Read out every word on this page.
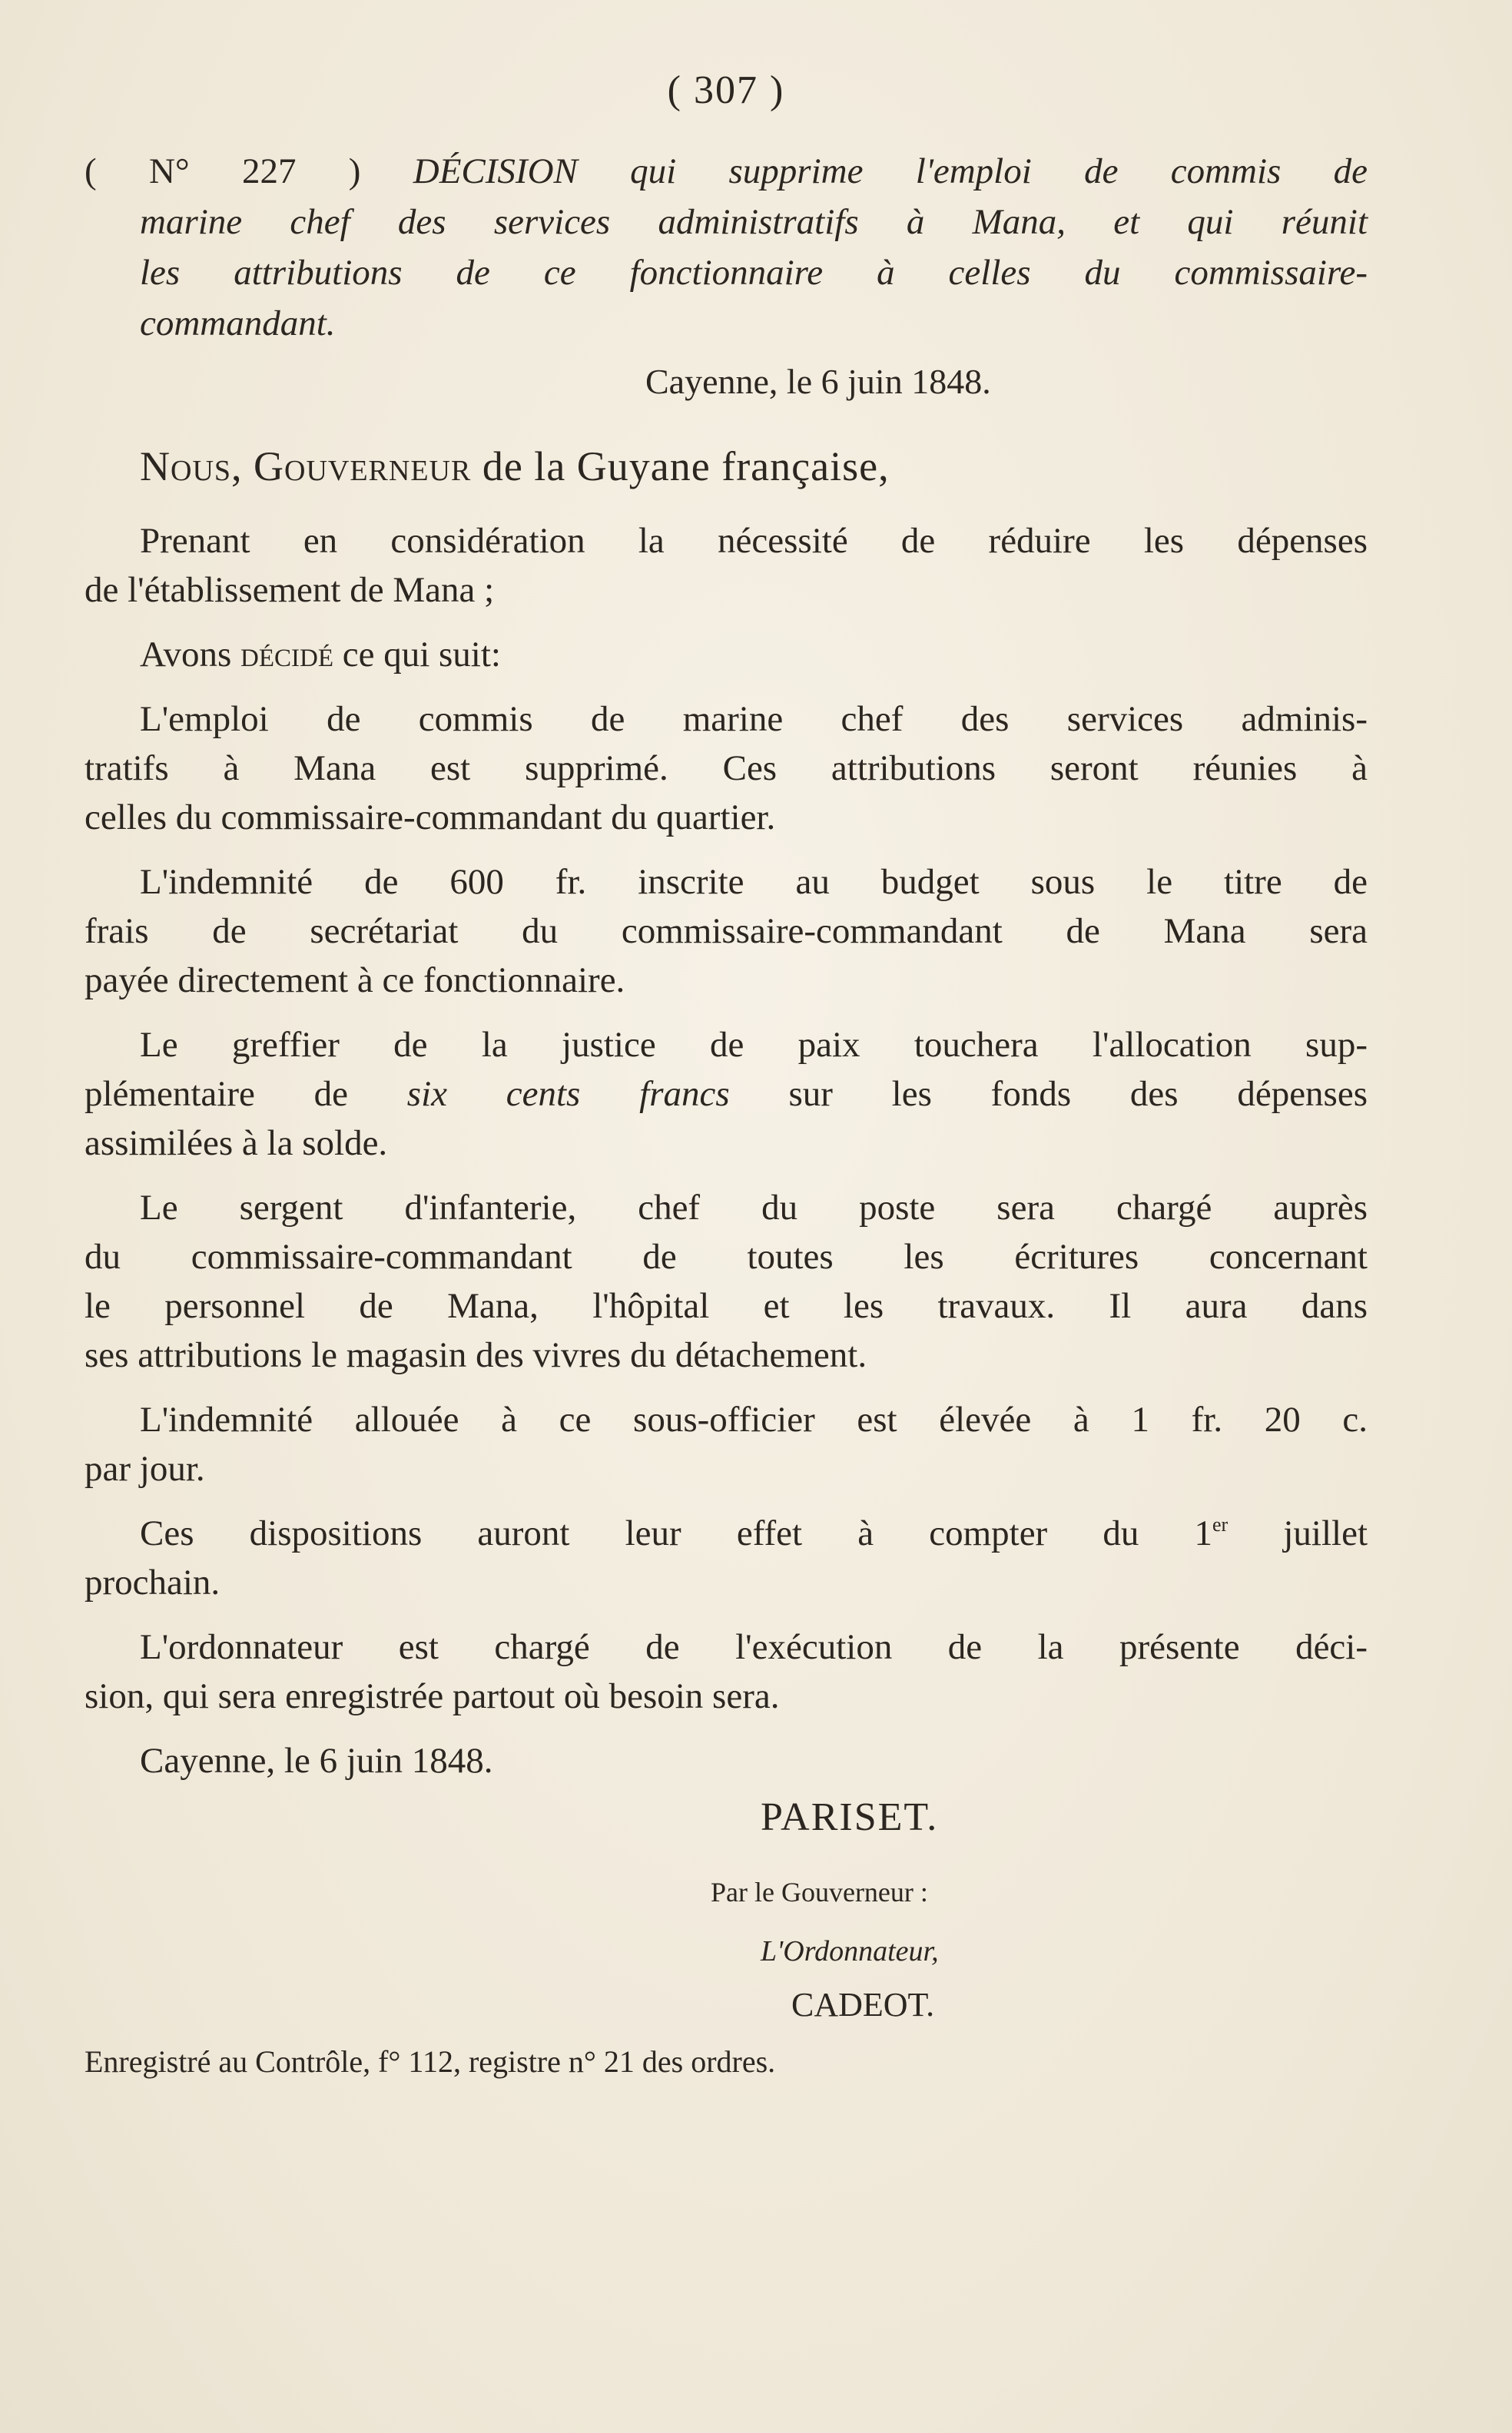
( 307 )
( N° 227 ) DÉCISION qui supprime l'emploi de commis de
marine chef des services administratifs à Mana, et qui réunit
les attributions de ce fonctionnaire à celles du commissaire-
commandant.
Cayenne, le 6 juin 1848.
Nous, Gouverneur de la Guyane française,
Prenant en considération la nécessité de réduire les dépenses
de l'établissement de Mana ;
Avons décidé ce qui suit:
L'emploi de commis de marine chef des services adminis-
tratifs à Mana est supprimé. Ces attributions seront réunies à
celles du commissaire-commandant du quartier.
L'indemnité de 600 fr. inscrite au budget sous le titre de
frais de secrétariat du commissaire-commandant de Mana sera
payée directement à ce fonctionnaire.
Le greffier de la justice de paix touchera l'allocation sup-
plémentaire de six cents francs sur les fonds des dépenses
assimilées à la solde.
Le sergent d'infanterie, chef du poste sera chargé auprès
du commissaire-commandant de toutes les écritures concernant
le personnel de Mana, l'hôpital et les travaux. Il aura dans
ses attributions le magasin des vivres du détachement.
L'indemnité allouée à ce sous-officier est élevée à 1 fr. 20 c.
par jour.
Ces dispositions auront leur effet à compter du 1er juillet
prochain.
L'ordonnateur est chargé de l'exécution de la présente déci-
sion, qui sera enregistrée partout où besoin sera.
Cayenne, le 6 juin 1848.
PARISET.
Par le Gouverneur :
L'Ordonnateur,
CADEOT.
Enregistré au Contrôle, f° 112, registre n° 21 des ordres.
